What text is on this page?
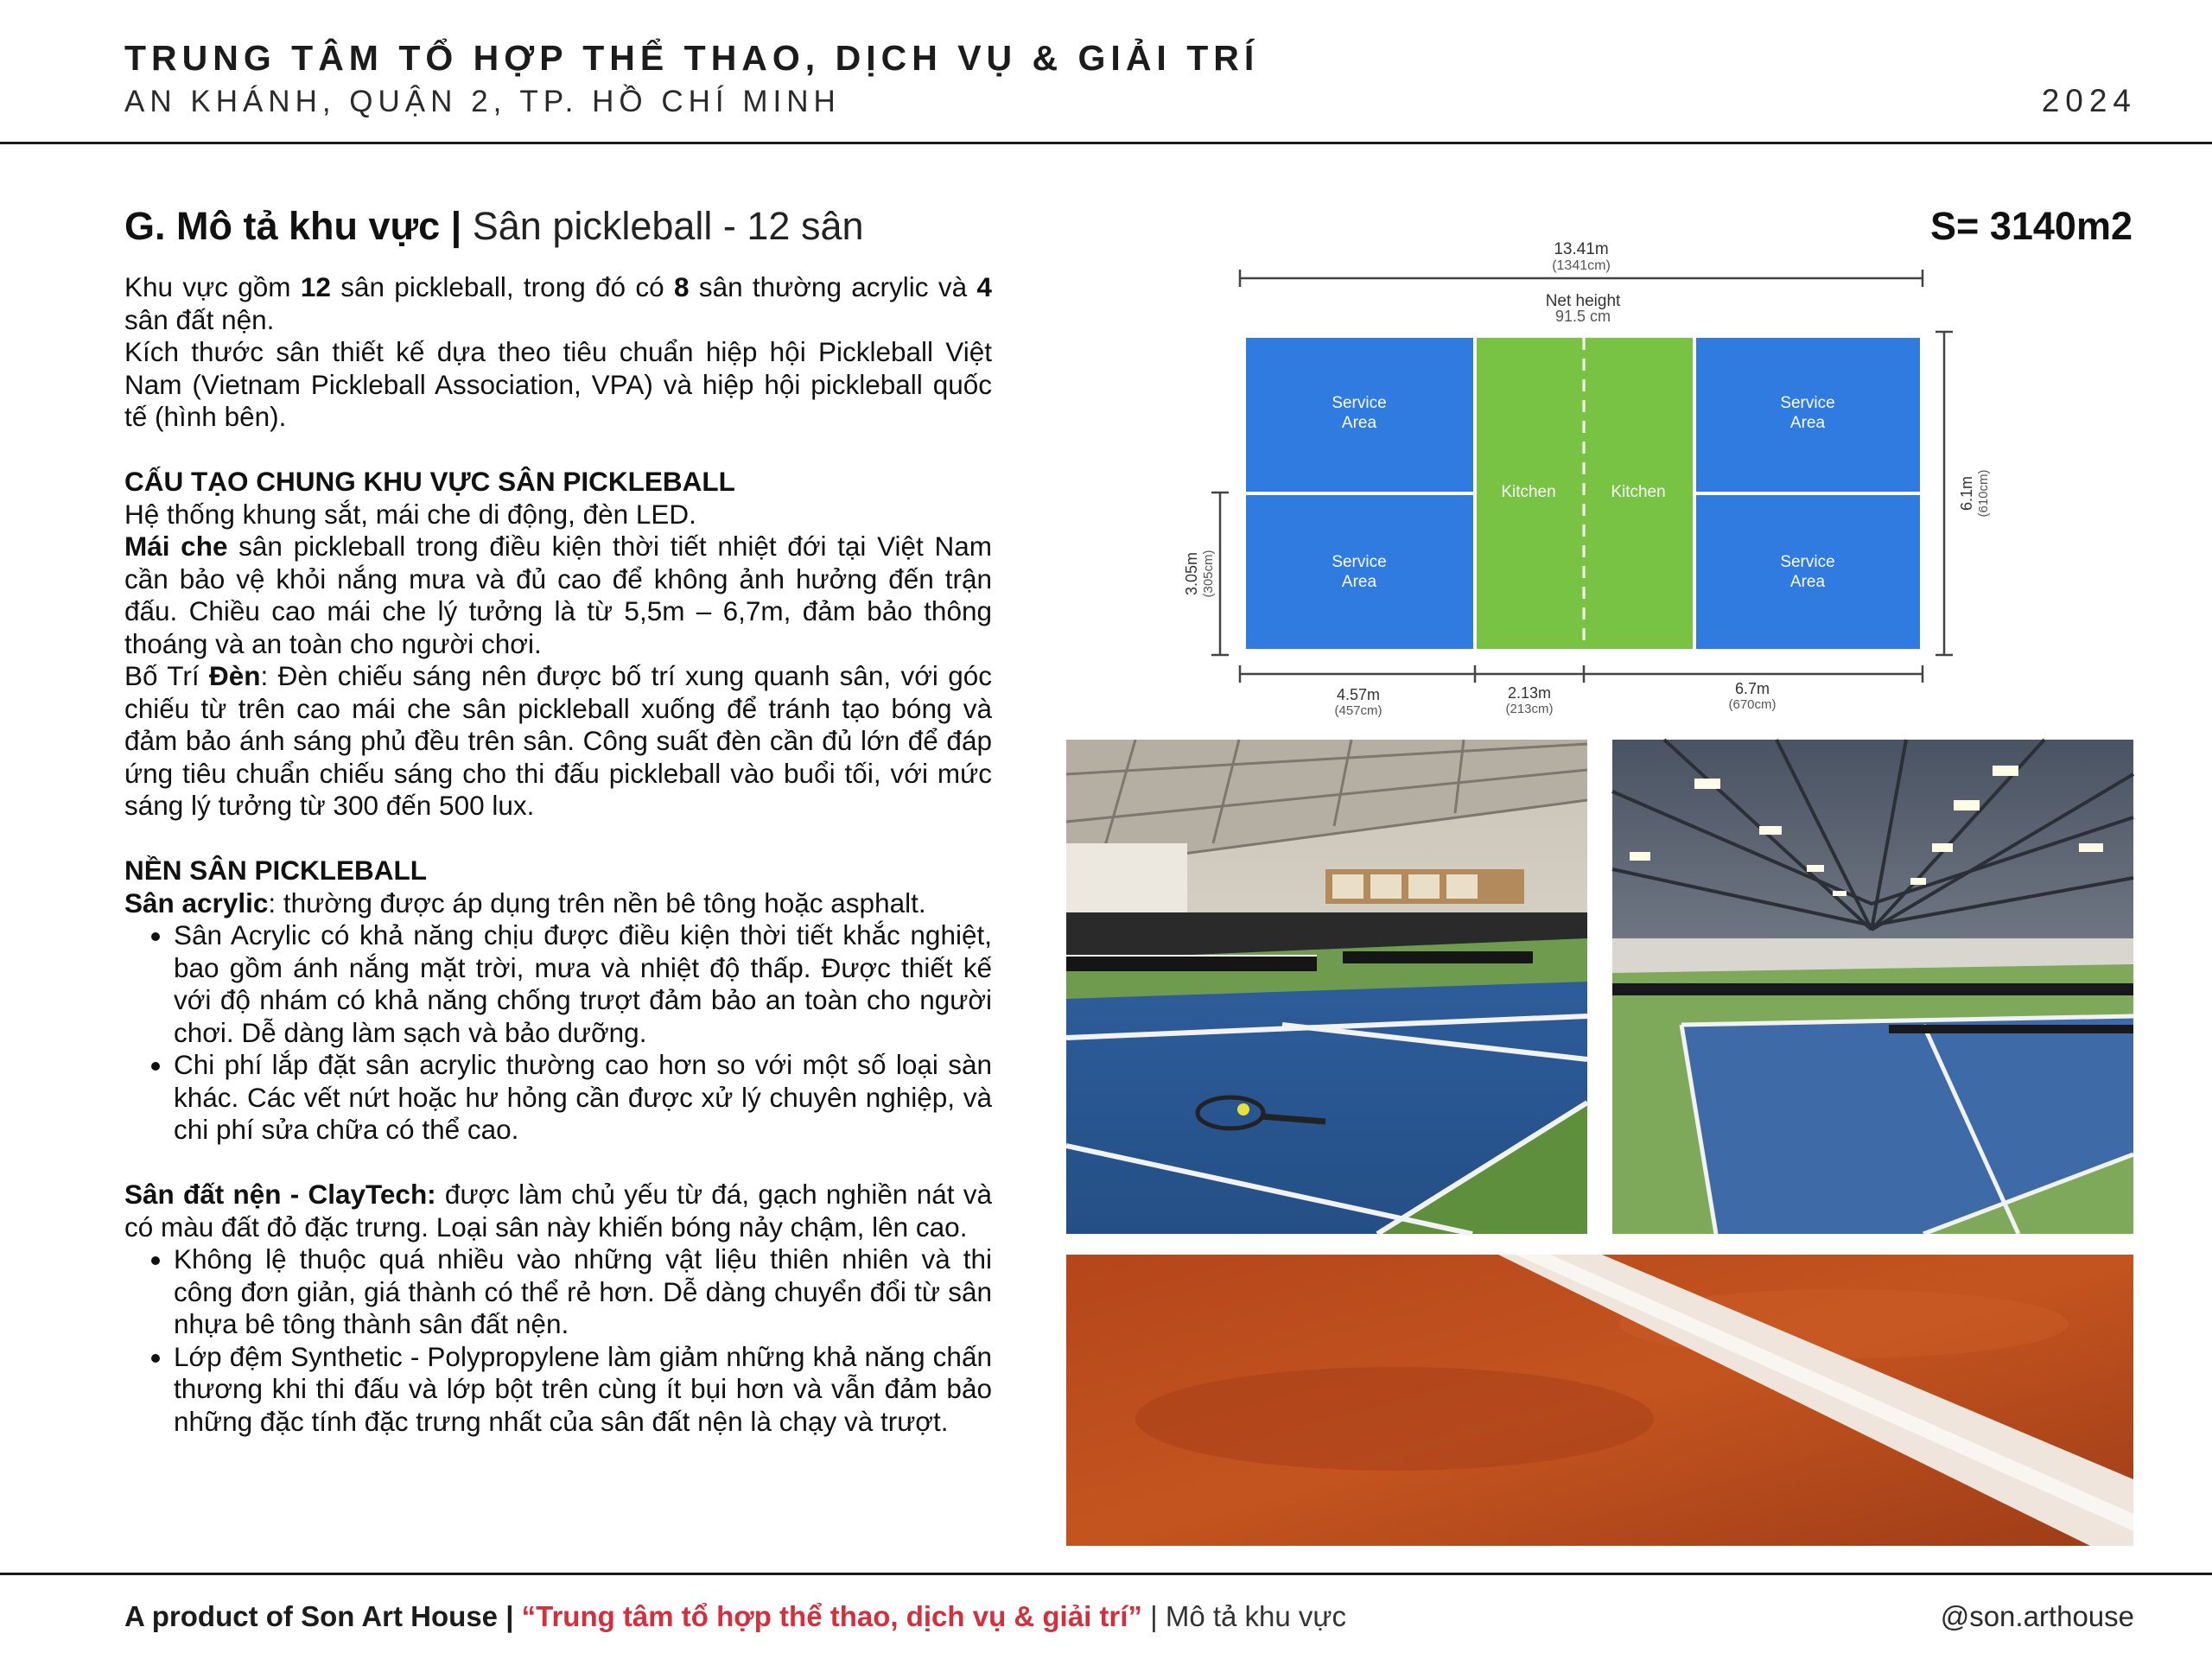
TRUNG TÂM TỔ HỢP THỂ THAO, DỊCH VỤ & GIẢI TRÍ
AN KHÁNH, QUẬN 2, TP. HỒ CHÍ MINH	2024
G. Mô tả khu vực | Sân pickleball - 12 sân	S= 3140m2

Khu vực gồm 12 sân pickleball, trong đó có 8 sân thường acrylic và 4 sân đất nện.

Kích thước sân thiết kế dựa theo tiêu chuẩn hiệp hội Pickleball Việt Nam (Vietnam Pickleball Association, VPA) và hiệp hội pickleball quốc tế (hình bên).

CẤU TẠO CHUNG KHU VỰC SÂN PICKLEBALL

Hệ thống khung sắt, mái che di động, đèn LED.

Mái che sân pickleball trong điều kiện thời tiết nhiệt đới tại Việt Nam cần bảo vệ khỏi nắng mưa và đủ cao để không ảnh hưởng đến trận đấu. Chiều cao mái che lý tưởng là từ 5,5m – 6,7m, đảm bảo thông thoáng và an toàn cho người chơi.

Bố Trí Đèn: Đèn chiếu sáng nên được bố trí xung quanh sân, với góc chiếu từ trên cao mái che sân pickleball xuống để tránh tạo bóng và đảm bảo ánh sáng phủ đều trên sân. Công suất đèn cần đủ lớn để đáp ứng tiêu chuẩn chiếu sáng cho thi đấu pickleball vào buổi tối, với mức sáng lý tưởng từ 300 đến 500 lux.

NỀN SÂN PICKLEBALL

Sân acrylic: thường được áp dụng trên nền bê tông hoặc asphalt.

• Sân Acrylic có khả năng chịu được điều kiện thời tiết khắc nghiệt, bao gồm ánh nắng mặt trời, mưa và nhiệt độ thấp. Được thiết kế với độ nhám có khả năng chống trượt đảm bảo an toàn cho người chơi. Dễ dàng làm sạch và bảo dưỡng.
• Chi phí lắp đặt sân acrylic thường cao hơn so với một số loại sàn khác. Các vết nứt hoặc hư hỏng cần được xử lý chuyên nghiệp, và chi phí sửa chữa có thể cao.

Sân đất nện - ClayTech: được làm chủ yếu từ đá, gạch nghiền nát và có màu đất đỏ đặc trưng. Loại sân này khiến bóng nảy chậm, lên cao.

• Không lệ thuộc quá nhiều vào những vật liệu thiên nhiên và thi công đơn giản, giá thành có thể rẻ hơn. Dễ dàng chuyển đổi từ sân nhựa bê tông thành sân đất nện.
• Lớp đệm Synthetic - Polypropylene làm giảm những khả năng chấn thương khi thi đấu và lớp bột trên cùng ít bụi hơn và vẫn đảm bảo những đặc tính đặc trưng nhất của sân đất nện là chạy và trượt.
13.41m
(1341cm)
Net height
91.5 cm
Service
Area
Service
Area
Service
Area
Service
Area
Kitchen	Kitchen	6.1m (610cm)
3.05m (305cm)
4.57m
(457cm)
2.13m
(213cm)
6.7m
(670cm)
A product of Son Art House | “Trung tâm tổ hợp thể thao, dịch vụ & giải trí” | Mô tả khu vực	@son.arthouse
